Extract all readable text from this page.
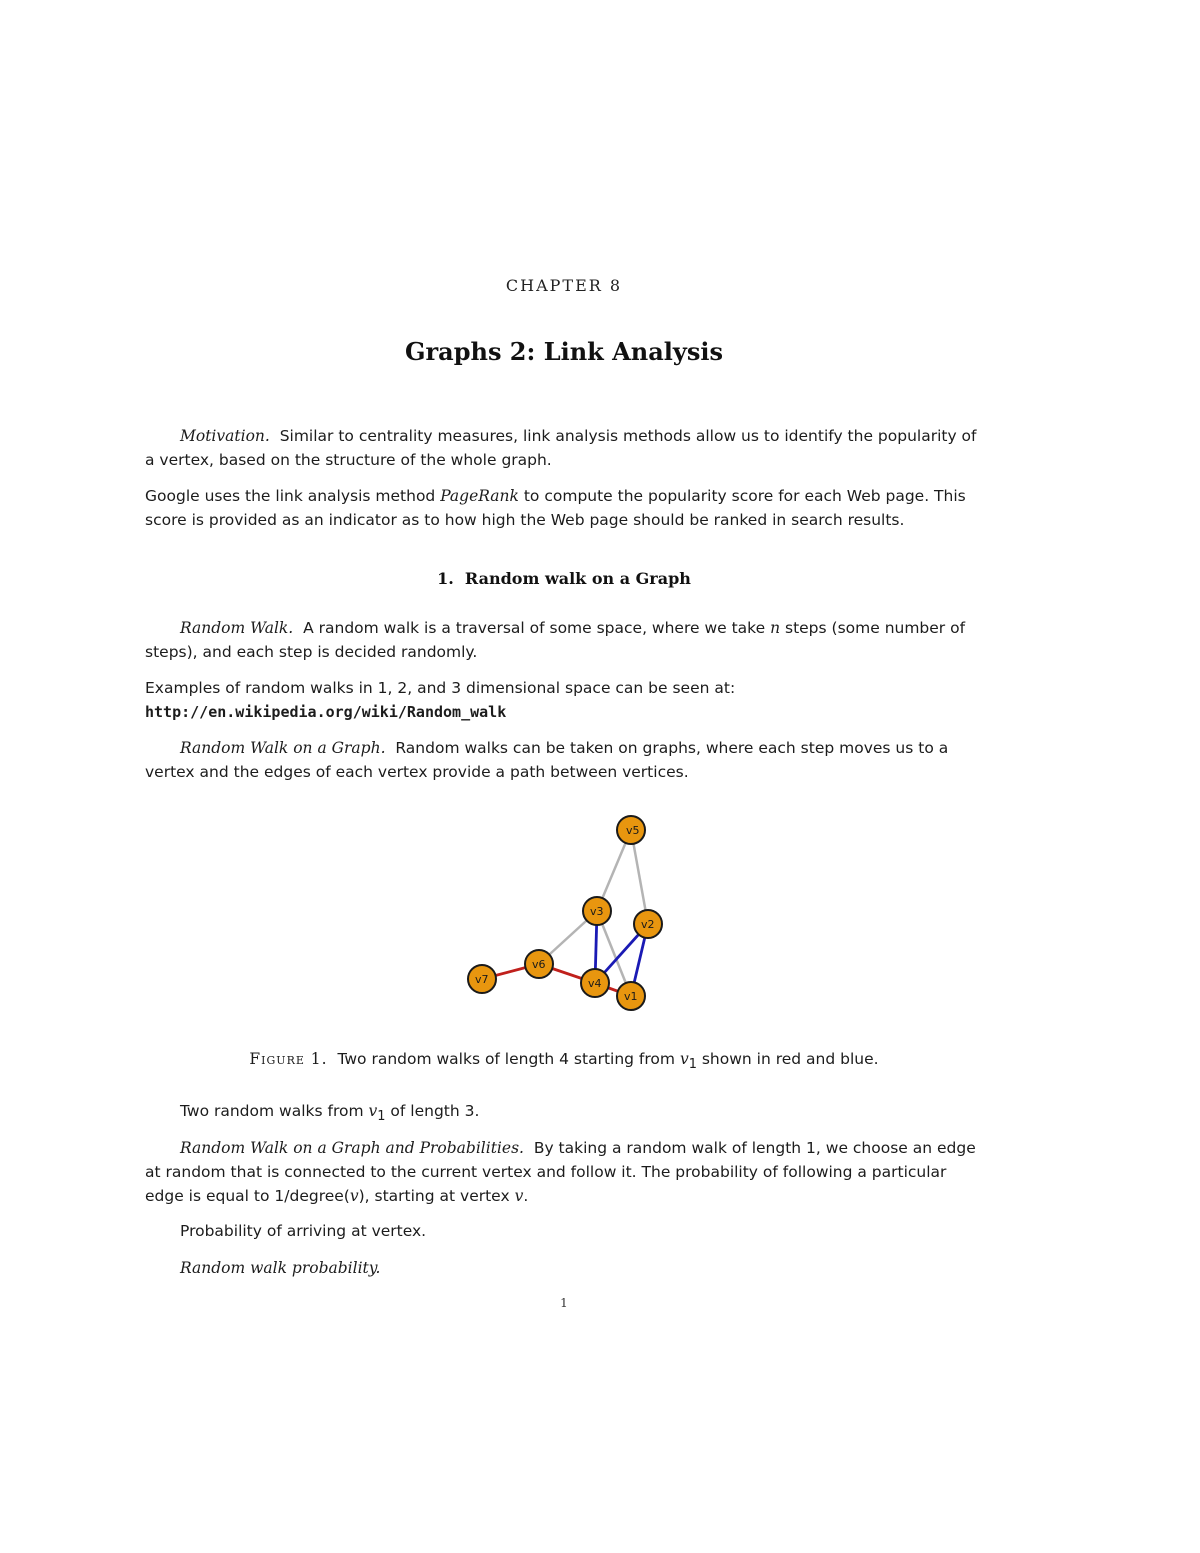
CHAPTER 8
Graphs 2: Link Analysis
Motivation. Similar to centrality measures, link analysis methods allow us to identify the popularity of a vertex, based on the structure of the whole graph.
Google uses the link analysis method PageRank to compute the popularity score for each Web page. This score is provided as an indicator as to how high the Web page should be ranked in search results.
1. Random walk on a Graph
Random Walk. A random walk is a traversal of some space, where we take n steps (some number of steps), and each step is decided randomly.
Examples of random walks in 1, 2, and 3 dimensional space can be seen at:
http://en.wikipedia.org/wiki/Random_walk
Random Walk on a Graph. Random walks can be taken on graphs, where each step moves us to a vertex and the edges of each vertex provide a path between vertices.
v5
v3
v2
v6
v4
v1
v7
Figure 1. Two random walks of length 4 starting from $v_1$ shown in red and blue.
Two random walks from $v_1$ of length 3.
Random Walk on a Graph and Probabilities. By taking a random walk of length 1, we choose an edge at random that is connected to the current vertex and follow it. The probability of following a particular edge is equal to 1/degree(v), starting at vertex v.
Probability of arriving at vertex.
Random walk probability.
1
